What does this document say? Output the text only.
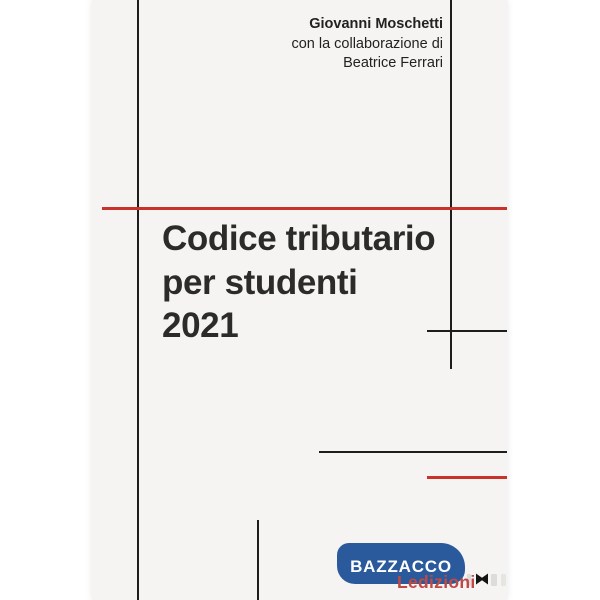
Giovanni Moschetti
con la collaborazione di
Beatrice Ferrari
Codice tributario
per studenti
2021
BAZZACCO
Ledizioni
